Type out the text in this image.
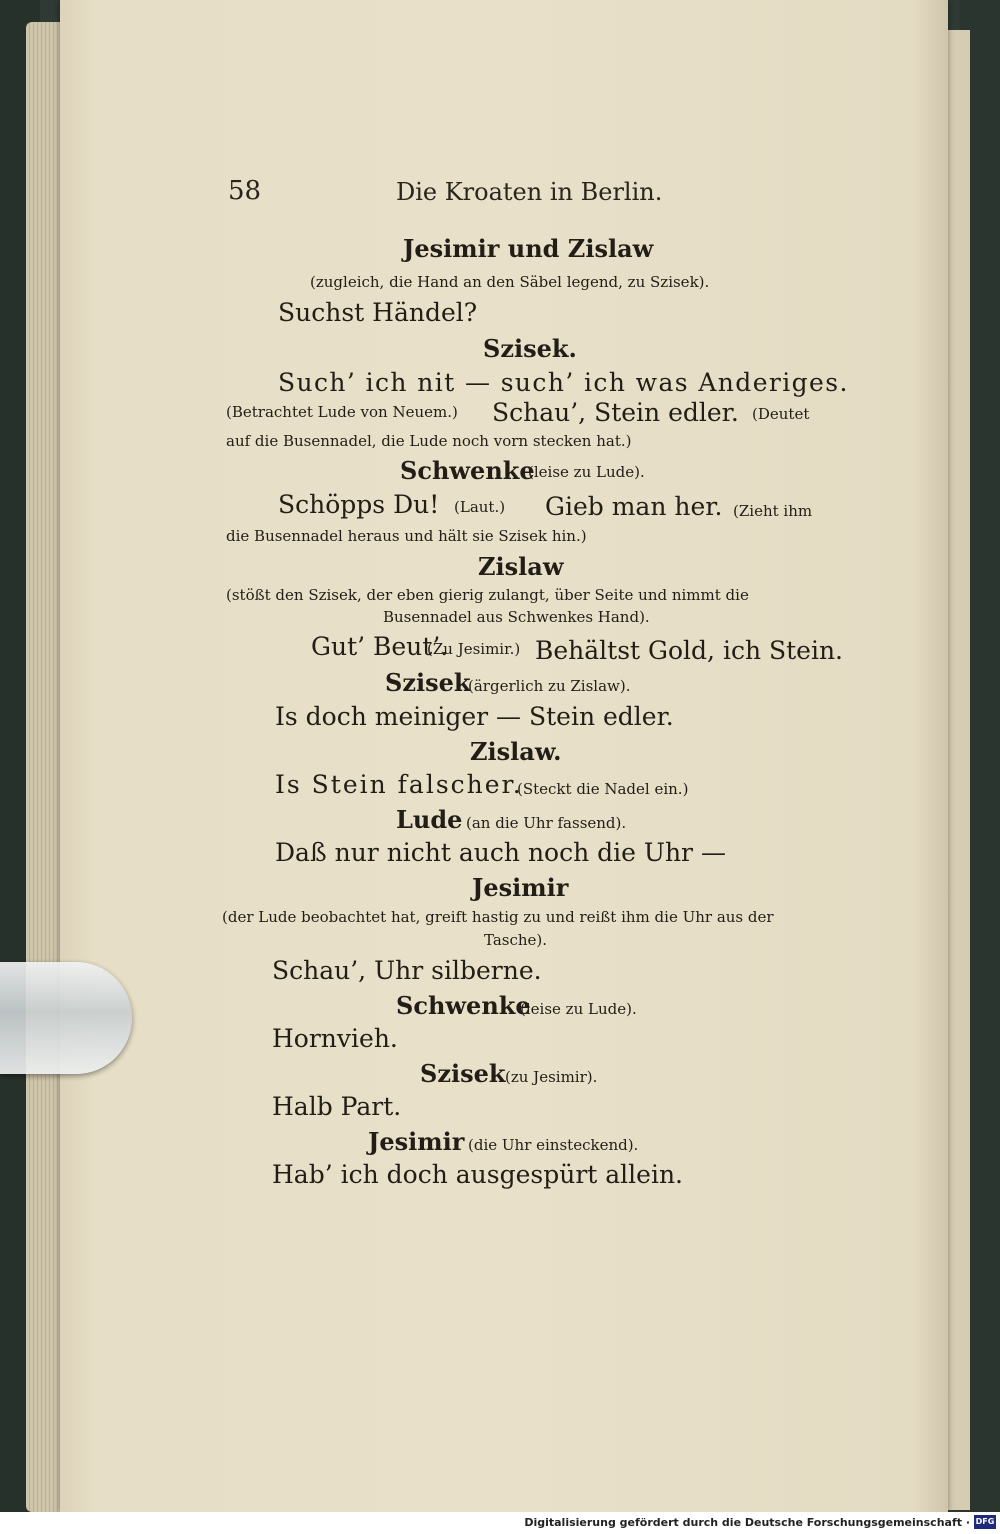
58	Die Kroaten in Berlin.
Jesimir und Zislaw
(zugleich, die Hand an den Säbel legend, zu Szisek).
Suchst Händel?
Szisek.
Such’ ich nit — such’ ich was Anderiges.
(Betrachtet Lude von Neuem.) Schau’, Stein edler. (Deutet
auf die Busennadel, die Lude noch vorn stecken hat.)
Schwenke
(leise zu Lude).
Schöpps Du! (Laut.) Gieb man her. (Zieht ihm
die Busennadel heraus und hält sie Szisek hin.)
Zislaw
(stößt den Szisek, der eben gierig zulangt, über Seite und nimmt die
Busennadel aus Schwenkes Hand).
Gut’ Beut’.
(Zu Jesimir.) Behältst Gold, ich Stein.
Szisek
(ärgerlich zu Zislaw).
Is doch meiniger — Stein edler.
Zislaw.
Is Stein falscher.
(Steckt die Nadel ein.)
Lude (an die Uhr fassend).
Daß nur nicht auch noch die Uhr —
Jesimir
(der Lude beobachtet hat, greift hastig zu und reißt ihm die Uhr aus der
Tasche).
Schau’, Uhr silberne.
Schwenke
(leise zu Lude).
Hornvieh.
Szisek (zu Jesimir).
Halb Part.
Jesimir (die Uhr einsteckend).
Hab’ ich doch ausgespürt allein.
Digitalisierung gefördert durch die Deutsche Forschungsgemeinschaft · DFG
